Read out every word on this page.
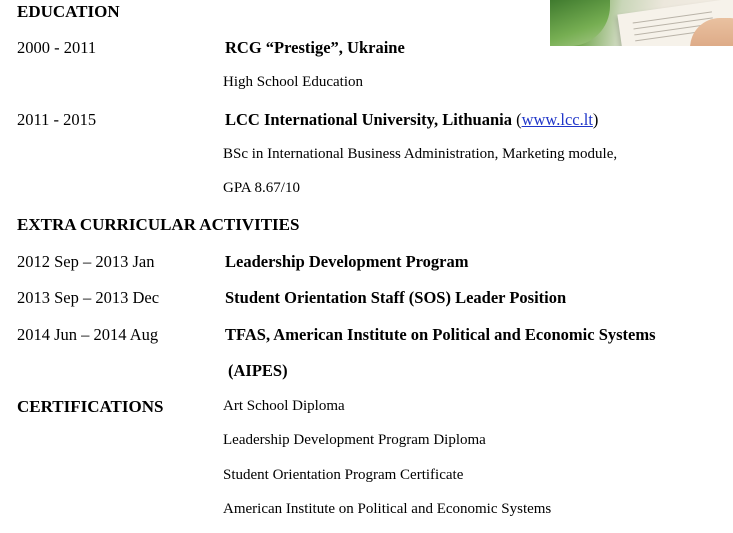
EDUCATION
2000 - 2011	RCG “Prestige”, Ukraine
High School Education
2011 - 2015	LCC International University, Lithuania (www.lcc.lt)
BSc in International Business Administration, Marketing module,
GPA 8.67/10
EXTRA CURRICULAR ACTIVITIES
2012 Sep – 2013 Jan	Leadership Development Program
2013 Sep – 2013 Dec	Student Orientation Staff (SOS) Leader Position
2014 Jun – 2014 Aug	TFAS, American Institute on Political and Economic Systems
(AIPES)
CERTIFICATIONS	Art School Diploma
Leadership Development Program Diploma
Student Orientation Program Certificate
American Institute on Political and Economic Systems
